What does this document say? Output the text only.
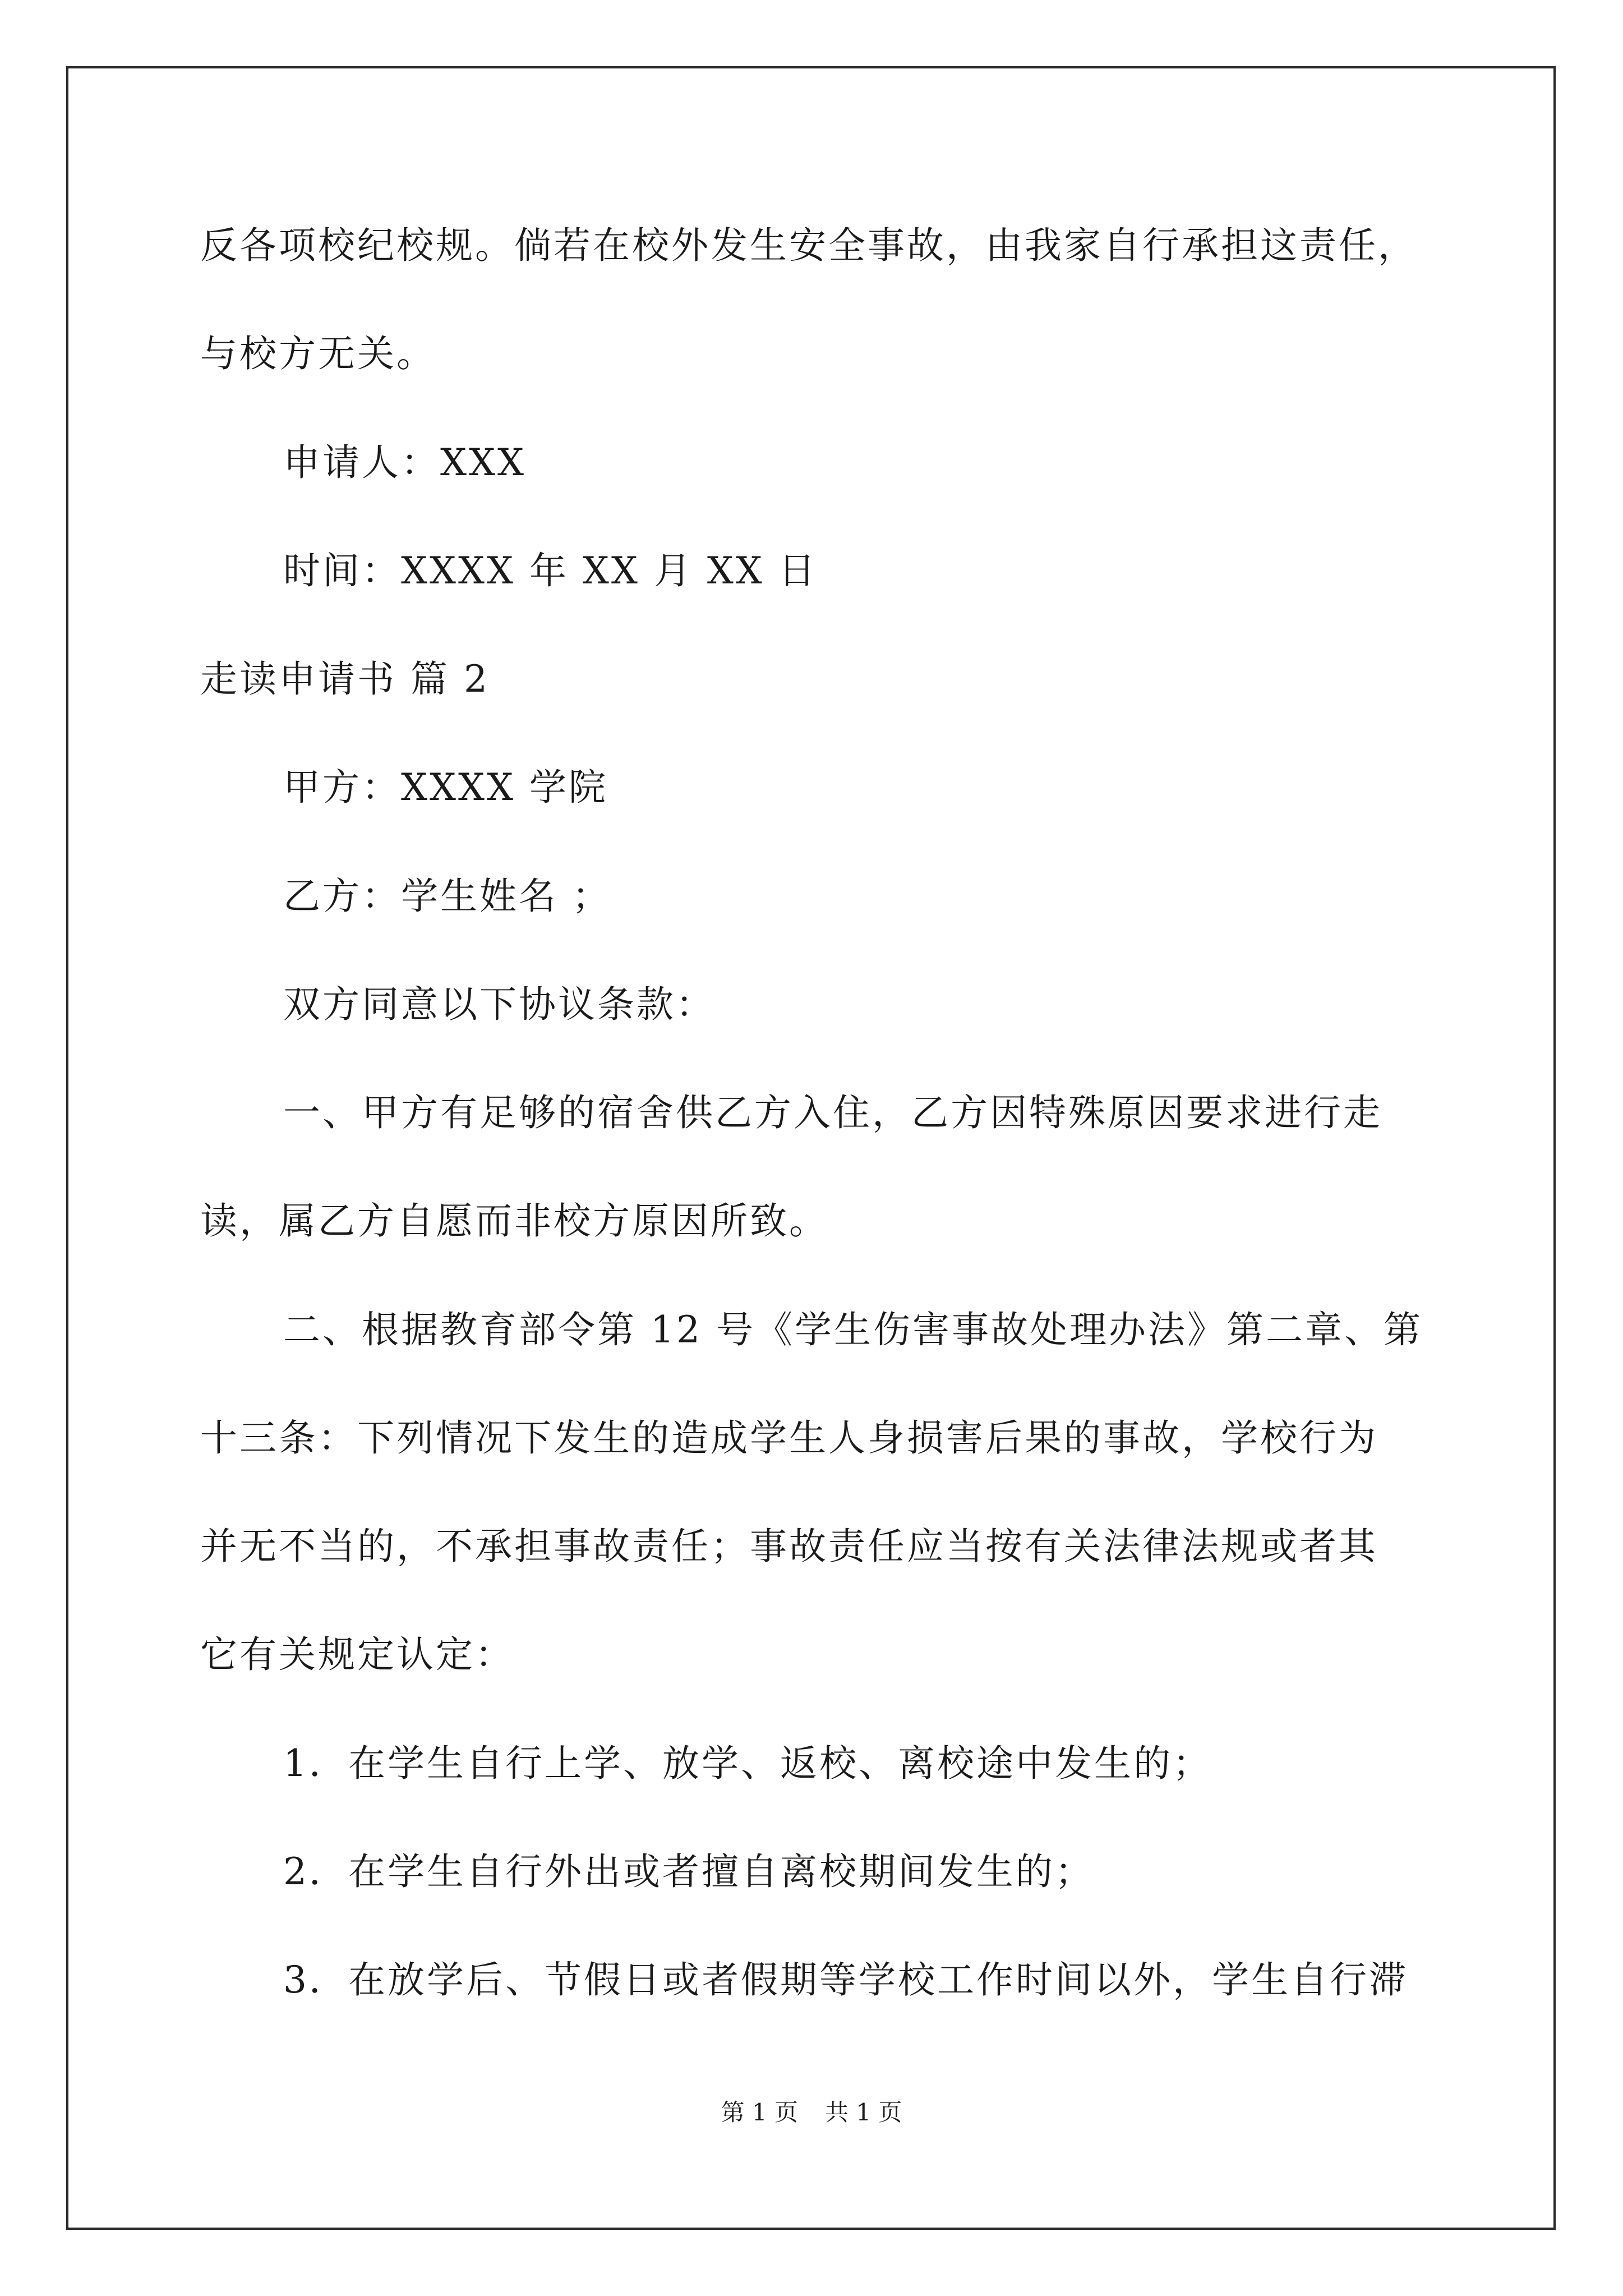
反各项校纪校规。倘若在校外发生安全事故，由我家自行承担这责任，
与校方无关。
申请人：XXX
时间：XXXX 年 XX 月 XX 日
走读申请书 篇 2
甲方：XXXX 学院
乙方：学生姓名 ；
双方同意以下协议条款：
一、甲方有足够的宿舍供乙方入住，乙方因特殊原因要求进行走
读，属乙方自愿而非校方原因所致。
二、根据教育部令第 12 号《学生伤害事故处理办法》第二章、第
十三条：下列情况下发生的造成学生人身损害后果的事故，学校行为
并无不当的，不承担事故责任；事故责任应当按有关法律法规或者其
它有关规定认定：
1．在学生自行上学、放学、返校、离校途中发生的；
2．在学生自行外出或者擅自离校期间发生的；
3．在放学后、节假日或者假期等学校工作时间以外，学生自行滞
第 1 页 共 1 页
